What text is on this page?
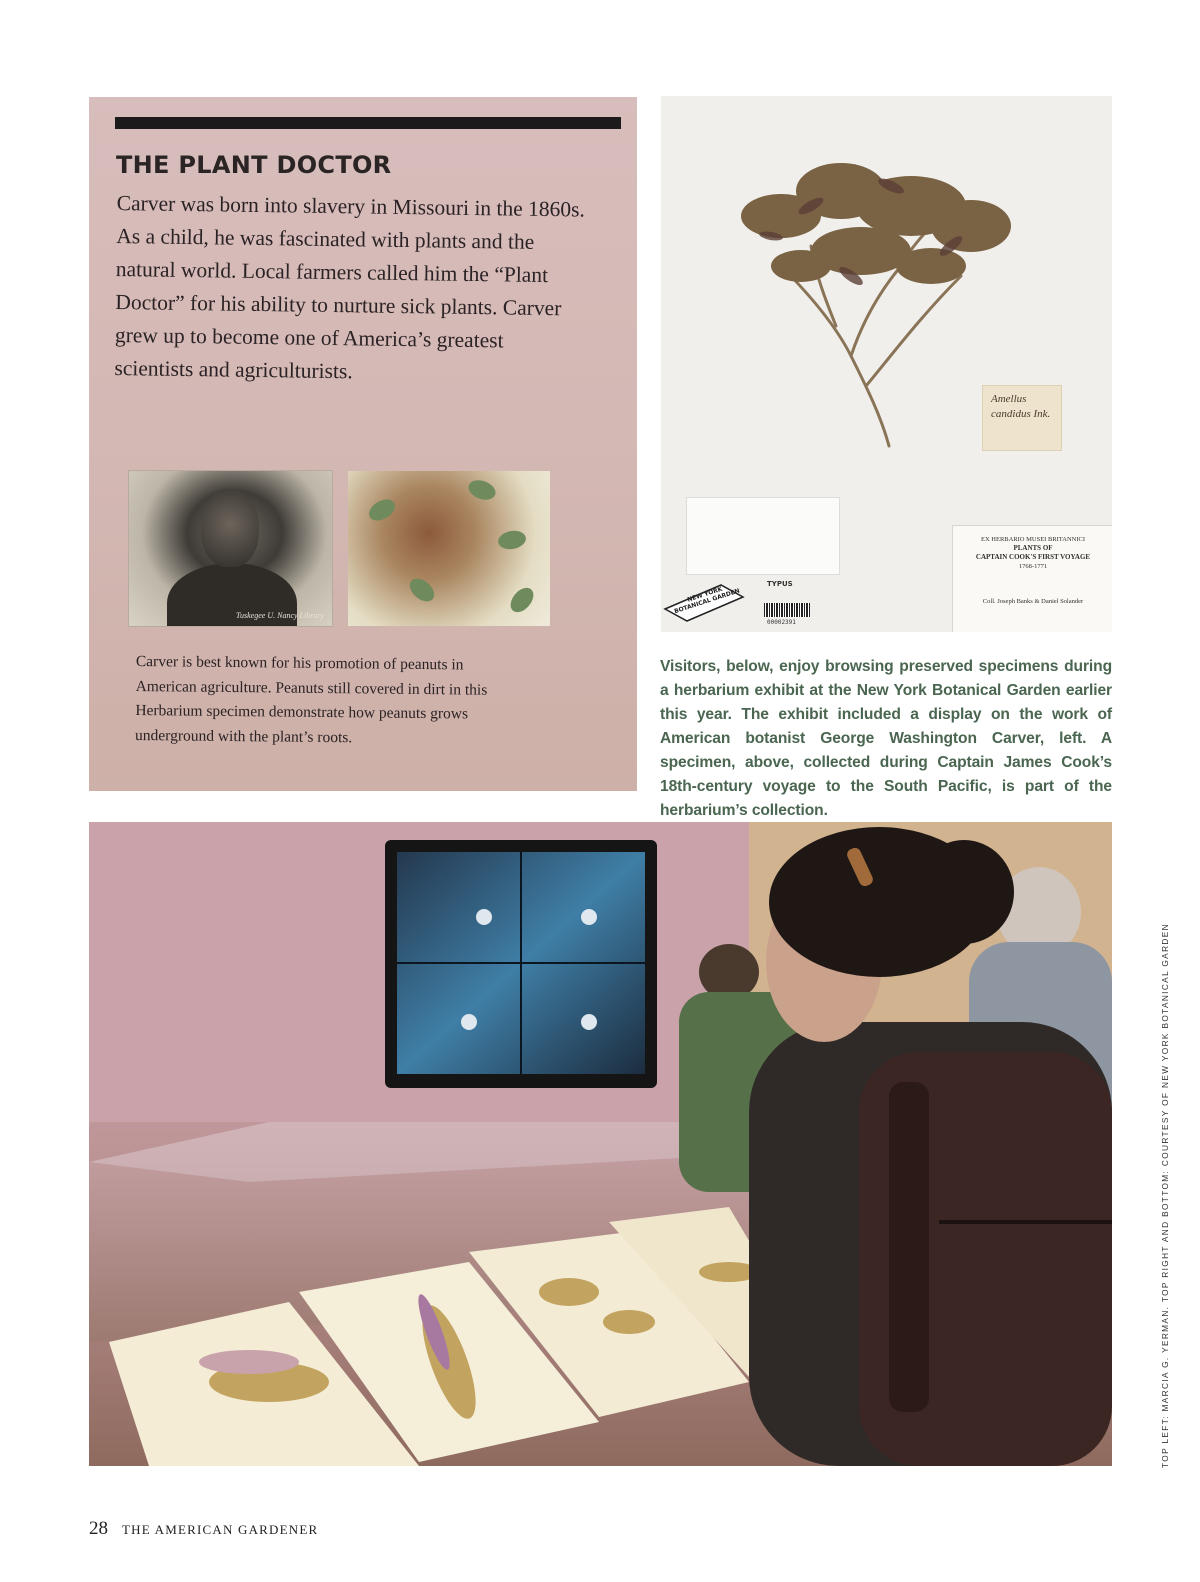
THE PLANT DOCTOR

Carver was born into slavery in Missouri in the 1860s. As a child, he was fascinated with plants and the natural world. Local farmers called him the “Plant Doctor” for his ability to nurture sick plants. Carver grew up to become one of America’s greatest scientists and agriculturists.

Tuskegee U. Nancy Library

Carver is best known for his promotion of peanuts in American agriculture. Peanuts still covered in dirt in this Herbarium specimen demonstrate how peanuts grows underground with the plant’s roots.

Amellus candidus Ink.
EX HERBARIO MUSEI BRITANNICI
PLANTS OF
CAPTAIN COOK'S FIRST VOYAGE
1768-1771
Coll. Joseph Banks & Daniel Solander
NEW YORK BOTANICAL GARDEN
TYPUS
00002391

Visitors, below, enjoy browsing preserved specimens during a herbarium exhibit at the New York Botanical Garden earlier this year. The exhibit included a display on the work of American botanist George Washington Carver, left. A specimen, above, collected during Captain James Cook’s 18th-century voyage to the South Pacific, is part of the herbarium’s collection.

TOP LEFT: MARCIA G. YERMAN. TOP RIGHT AND BOTTOM: COURTESY OF NEW YORK BOTANICAL GARDEN
28 THE AMERICAN GARDENER
